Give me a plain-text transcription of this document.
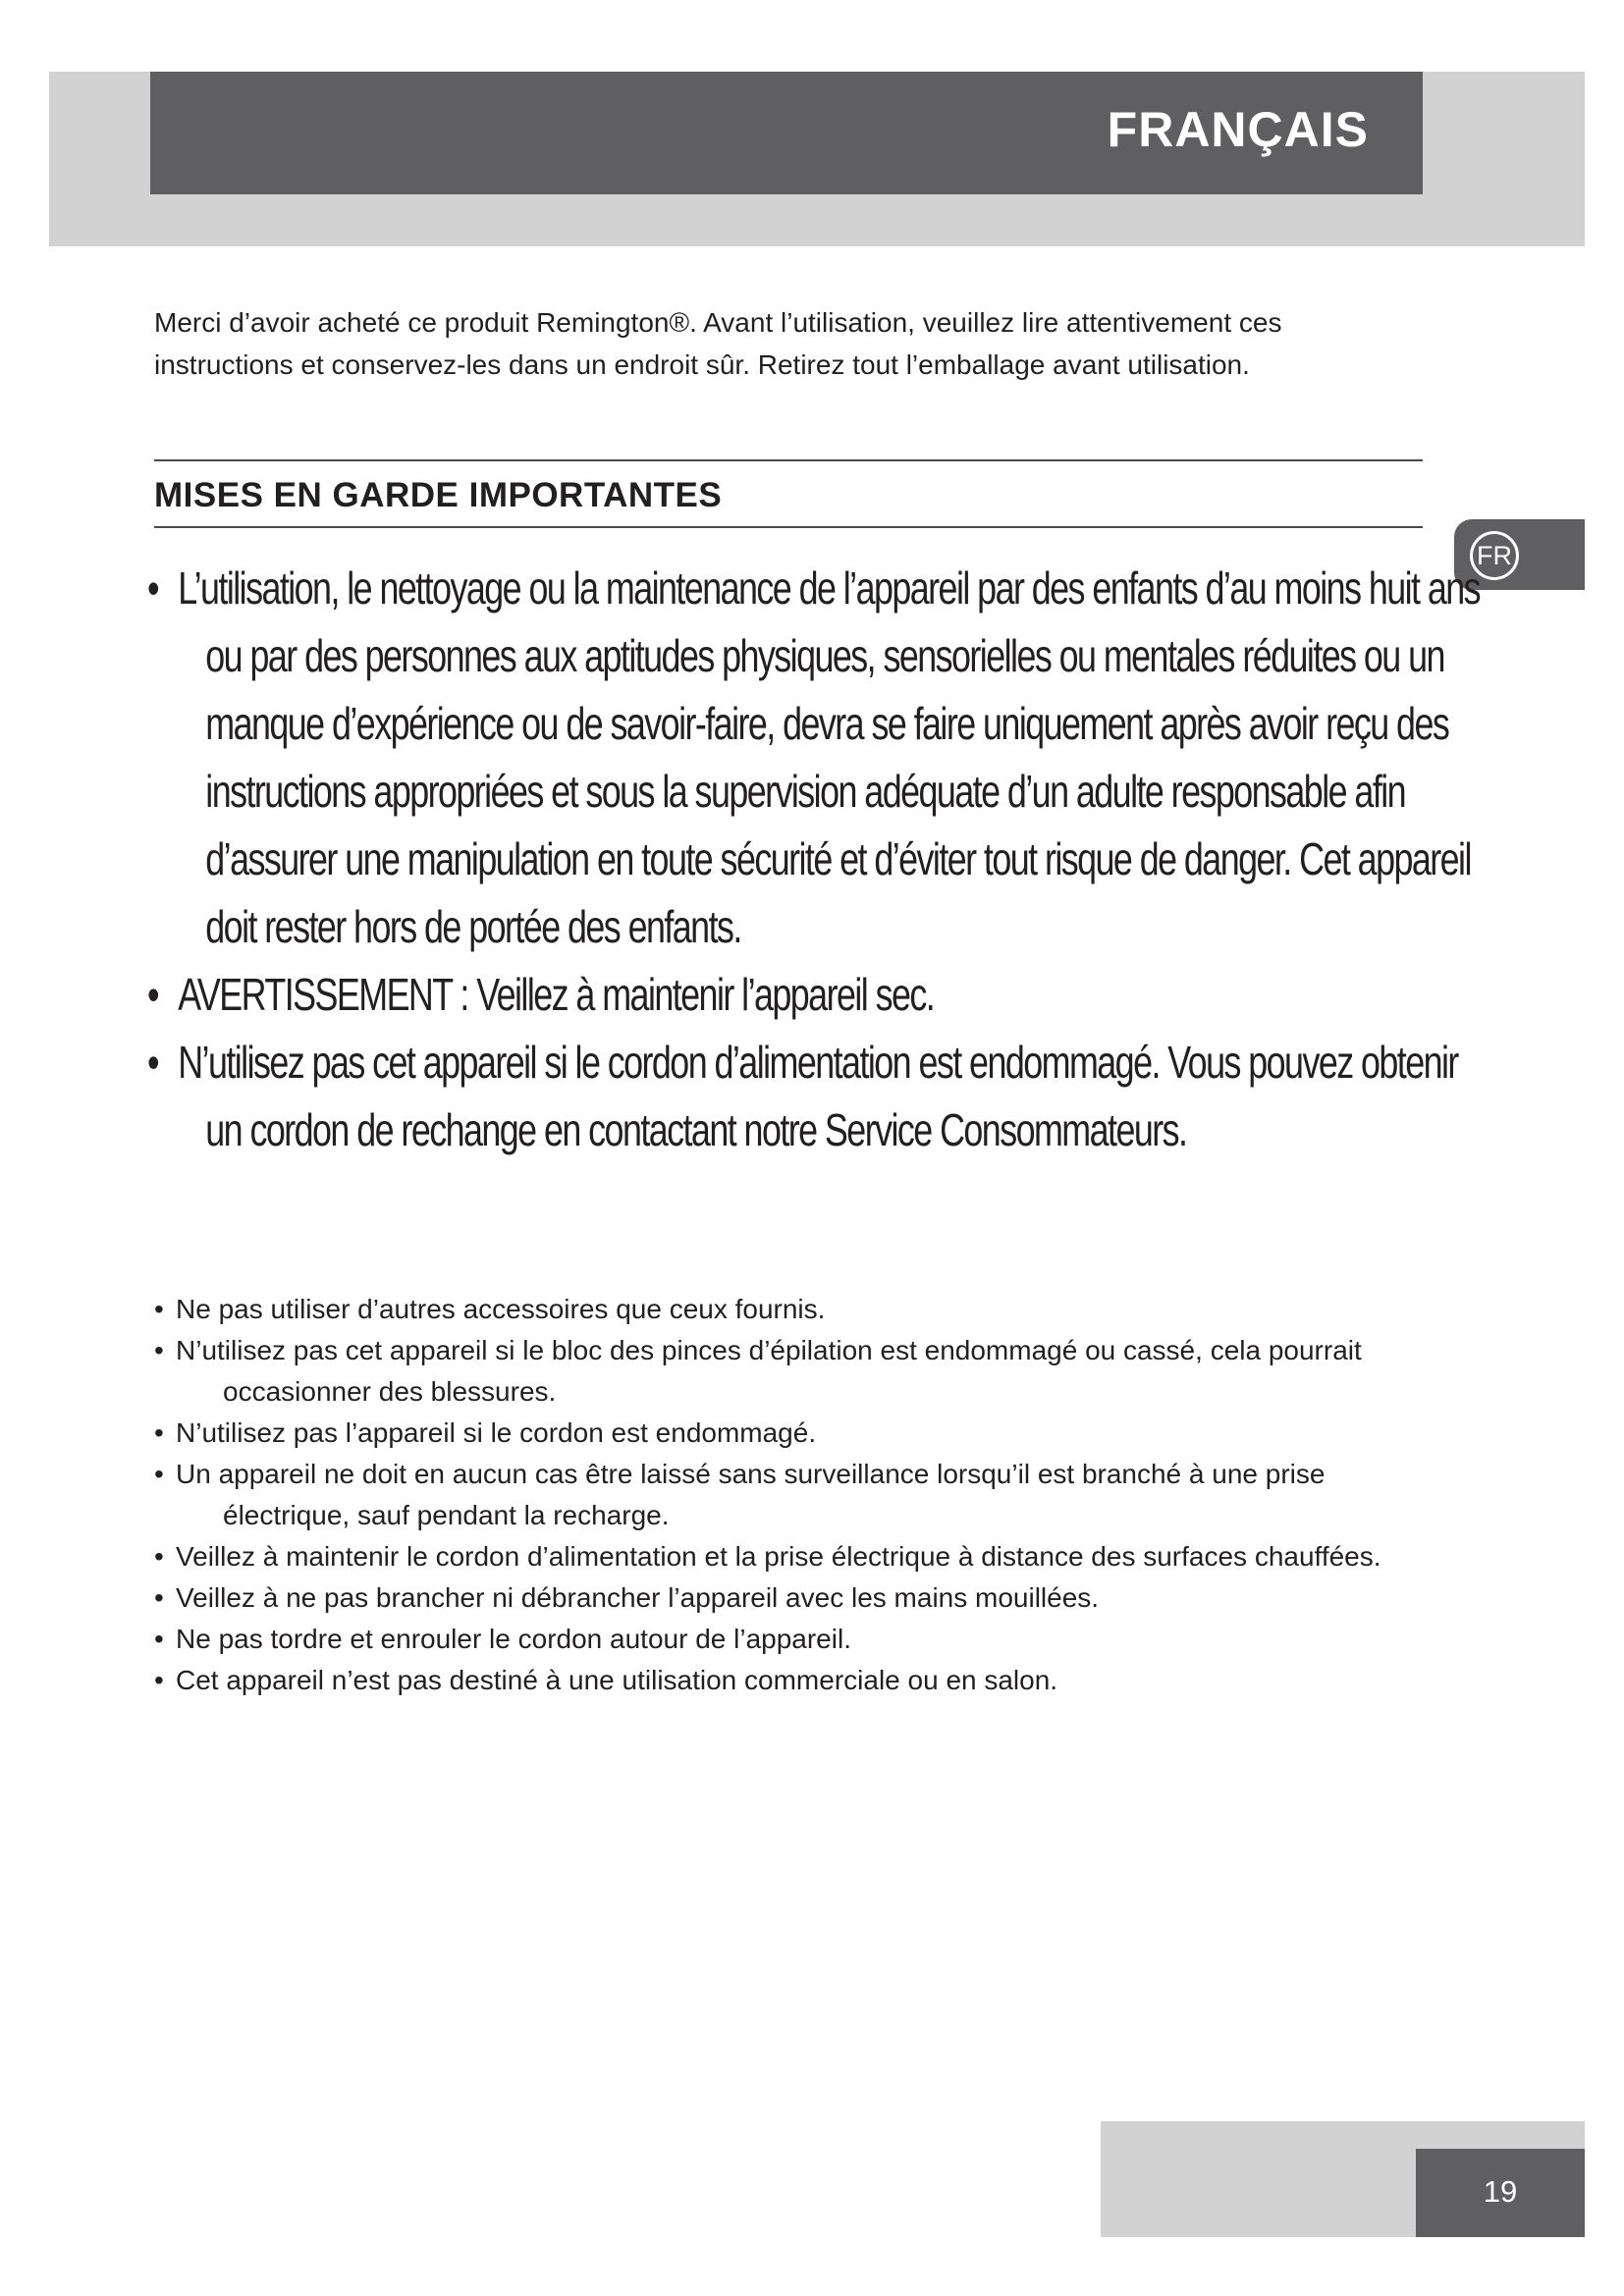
FRANÇAIS
Merci d’avoir acheté ce produit Remington®. Avant l’utilisation, veuillez lire attentivement ces instructions et conservez-les dans un endroit sûr. Retirez tout l’emballage avant utilisation.
MISES EN GARDE IMPORTANTES
FR
• L’utilisation, le nettoyage ou la maintenance de l’appareil par des enfants d’au moins huit ans ou par des personnes aux aptitudes physiques, sensorielles ou mentales réduites ou un manque d’expérience ou de savoir-faire, devra se faire uniquement après avoir reçu des instructions appropriées et sous la supervision adéquate d’un adulte responsable afin d’assurer une manipulation en toute sécurité et d’éviter tout risque de danger. Cet appareil doit rester hors de portée des enfants.
• AVERTISSEMENT : Veillez à maintenir l’appareil sec.
• N’utilisez pas cet appareil si le cordon d’alimentation est endommagé. Vous pouvez obtenir un cordon de rechange en contactant notre Service Consommateurs.
• Ne pas utiliser d’autres accessoires que ceux fournis.
• N’utilisez pas cet appareil si le bloc des pinces d’épilation est endommagé ou cassé, cela pourrait occasionner des blessures.
• N’utilisez pas l’appareil si le cordon est endommagé.
• Un appareil ne doit en aucun cas être laissé sans surveillance lorsqu’il est branché à une prise électrique, sauf pendant la recharge.
• Veillez à maintenir le cordon d’alimentation et la prise électrique à distance des surfaces chauffées.
• Veillez à ne pas brancher ni débrancher l’appareil avec les mains mouillées.
• Ne pas tordre et enrouler le cordon autour de l’appareil.
• Cet appareil n’est pas destiné à une utilisation commerciale ou en salon.
19
